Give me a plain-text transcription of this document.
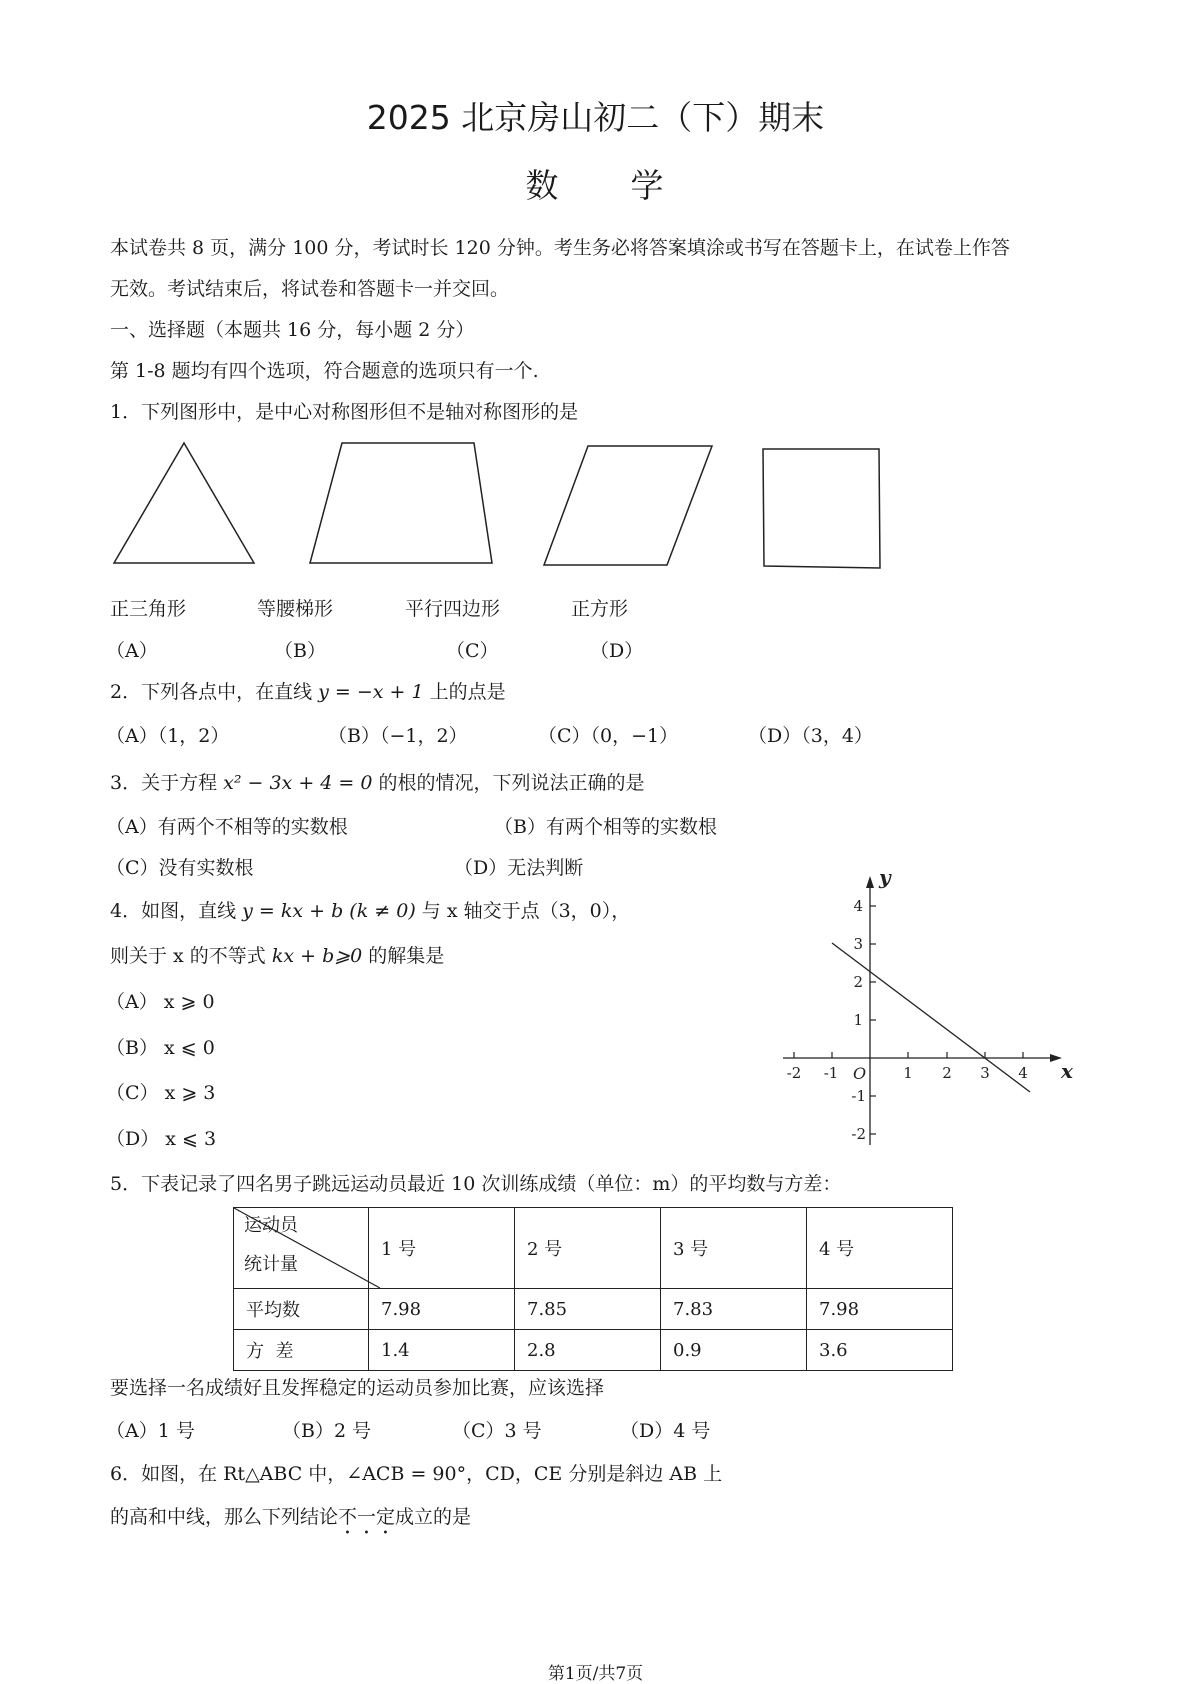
2025 北京房山初二（下）期末
数　　学
本试卷共 8 页，满分 100 分，考试时长 120 分钟。考生务必将答案填涂或书写在答题卡上，在试卷上作答
无效。考试结束后，将试卷和答题卡一并交回。
一、选择题（本题共 16 分，每小题 2 分）
第 1-8 题均有四个选项，符合题意的选项只有一个.
1．下列图形中，是中心对称图形但不是轴对称图形的是
正三角形	等腰梯形	平行四边形	正方形
（A）	（B）	（C）	（D）
2．下列各点中，在直线 y = −x + 1 上的点是
（A）（1，2）	（B）（−1，2）	（C）（0，−1）	（D）（3，4）
3．关于方程 x² − 3x + 4 = 0 的根的情况，下列说法正确的是
（A）有两个不相等的实数根	（B）有两个相等的实数根
（C）没有实数根	（D）无法判断
4．如图，直线 y = kx + b (k ≠ 0) 与 x 轴交于点（3，0），
则关于 x 的不等式 kx + b⩾0 的解集是
（A） x ⩾ 0
（B） x ⩽ 0
（C） x ⩾ 3
（D） x ⩽ 3
-2 -1	1 2 3 4
4
3
2
1
-1
-2
O	x
y
5．下表记录了四名男子跳远运动员最近 10 次训练成绩（单位：m）的平均数与方差：
运动员
统计量	1 号	2 号	3 号	4 号
平均数	7.98	7.85	7.83	7.98
方  差	1.4	2.8	0.9	3.6
要选择一名成绩好且发挥稳定的运动员参加比赛，应该选择
（A）1 号	（B）2 号	（C）3 号	（D）4 号
6．如图，在 Rt△ABC 中，∠ACB = 90°，CD，CE 分别是斜边 AB 上
的高和中线，那么下列结论不一定成立的是
第1页/共7页
